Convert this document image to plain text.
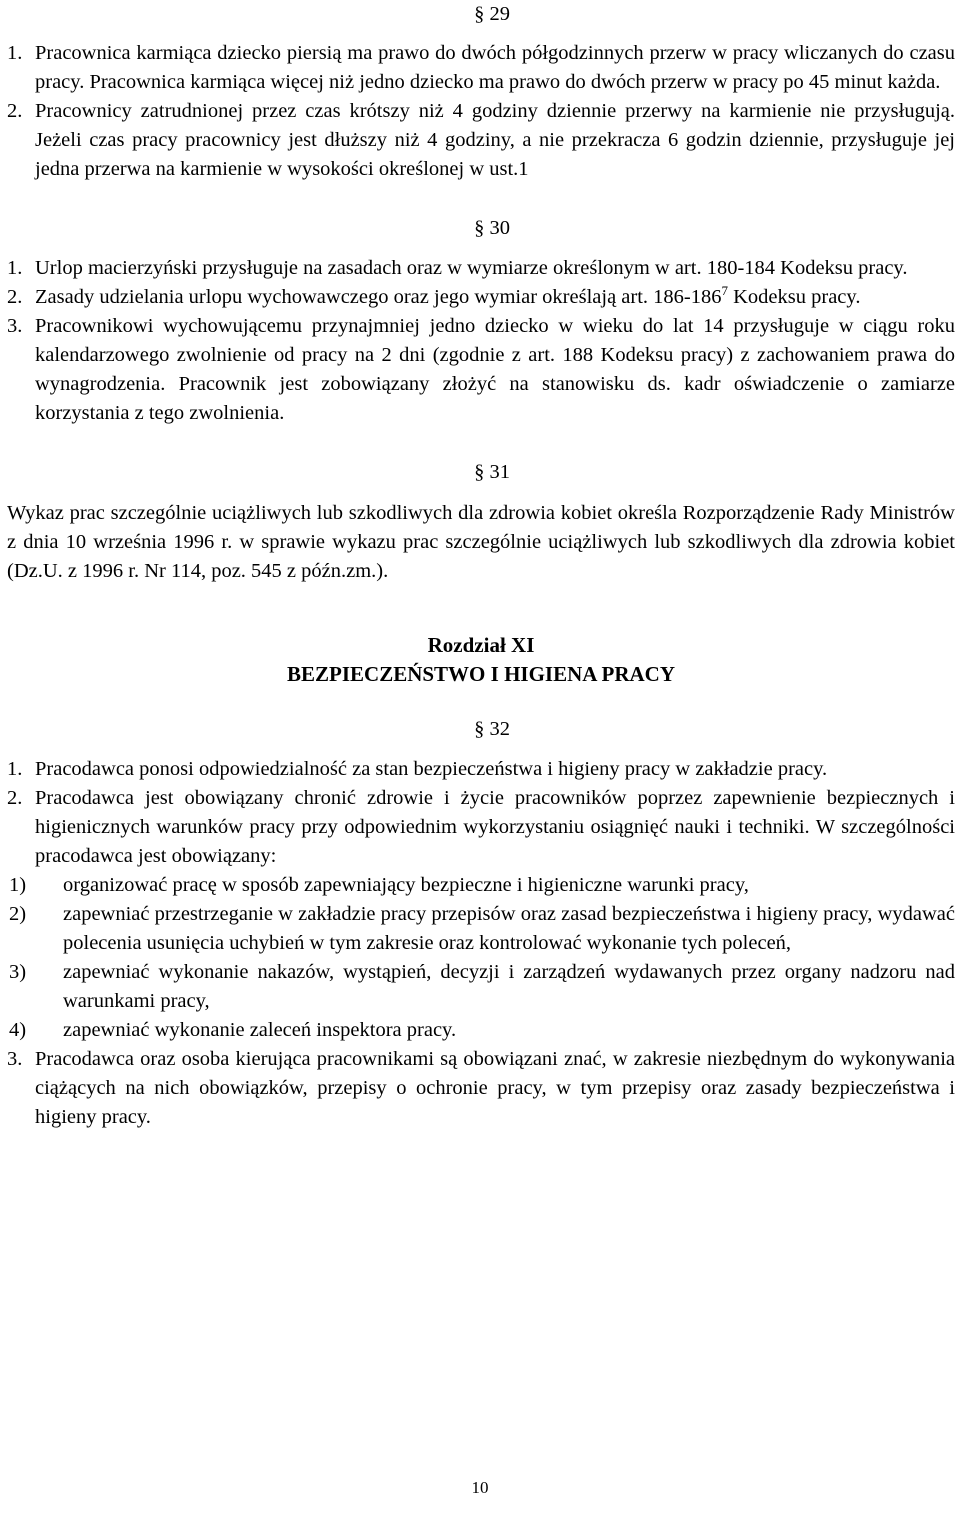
§ 29
1. Pracownica karmiąca dziecko piersią ma prawo do dwóch półgodzinnych przerw w pracy wliczanych do czasu pracy. Pracownica karmiąca więcej niż jedno dziecko ma prawo do dwóch przerw w pracy po 45 minut każda.
2. Pracownicy zatrudnionej przez czas krótszy niż 4 godziny dziennie przerwy na karmienie nie przysługują. Jeżeli czas pracy pracownicy jest dłuższy niż 4 godziny, a nie przekracza 6 godzin dziennie, przysługuje jej jedna przerwa na karmienie w wysokości określonej w ust.1
§ 30
1. Urlop macierzyński przysługuje na zasadach oraz w wymiarze określonym w art. 180-184 Kodeksu pracy.
2. Zasady udzielania urlopu wychowawczego oraz jego wymiar określają art. $186-186^7$ Kodeksu pracy.
3. Pracownikowi wychowującemu przynajmniej jedno dziecko w wieku do lat 14 przysługuje w ciągu roku kalendarzowego zwolnienie od pracy na 2 dni (zgodnie z art. 188 Kodeksu pracy) z zachowaniem prawa do wynagrodzenia. Pracownik jest zobowiązany złożyć na stanowisku ds. kadr oświadczenie o zamiarze korzystania z tego zwolnienia.
§ 31

Wykaz prac szczególnie uciążliwych lub szkodliwych dla zdrowia kobiet określa Rozporządzenie Rady Ministrów z dnia 10 września 1996 r. w sprawie wykazu prac szczególnie uciążliwych lub szkodliwych dla zdrowia kobiet (Dz.U. z 1996 r. Nr 114, poz. 545 z późn.zm.).

Rozdział XI
BEZPIECZEŃSTWO I HIGIENA PRACY
§ 32
1. Pracodawca ponosi odpowiedzialność za stan bezpieczeństwa i higieny pracy w zakładzie pracy.
2. Pracodawca jest obowiązany chronić zdrowie i życie pracowników poprzez zapewnienie bezpiecznych i higienicznych warunków pracy przy odpowiednim wykorzystaniu osiągnięć nauki i techniki. W szczególności pracodawca jest obowiązany:
1)	organizować pracę w sposób zapewniający bezpieczne i higieniczne warunki pracy,
2)	zapewniać przestrzeganie w zakładzie pracy przepisów oraz zasad bezpieczeństwa i higieny pracy, wydawać polecenia usunięcia uchybień w tym zakresie oraz kontrolować wykonanie tych poleceń,
3)	zapewniać wykonanie nakazów, wystąpień, decyzji i zarządzeń wydawanych przez organy nadzoru nad warunkami pracy,
4)	zapewniać wykonanie zaleceń inspektora pracy.
3. Pracodawca oraz osoba kierująca pracownikami są obowiązani znać, w zakresie niezbędnym do wykonywania ciążących na nich obowiązków, przepisy o ochronie pracy, w tym przepisy oraz zasady bezpieczeństwa i higieny pracy.
10
